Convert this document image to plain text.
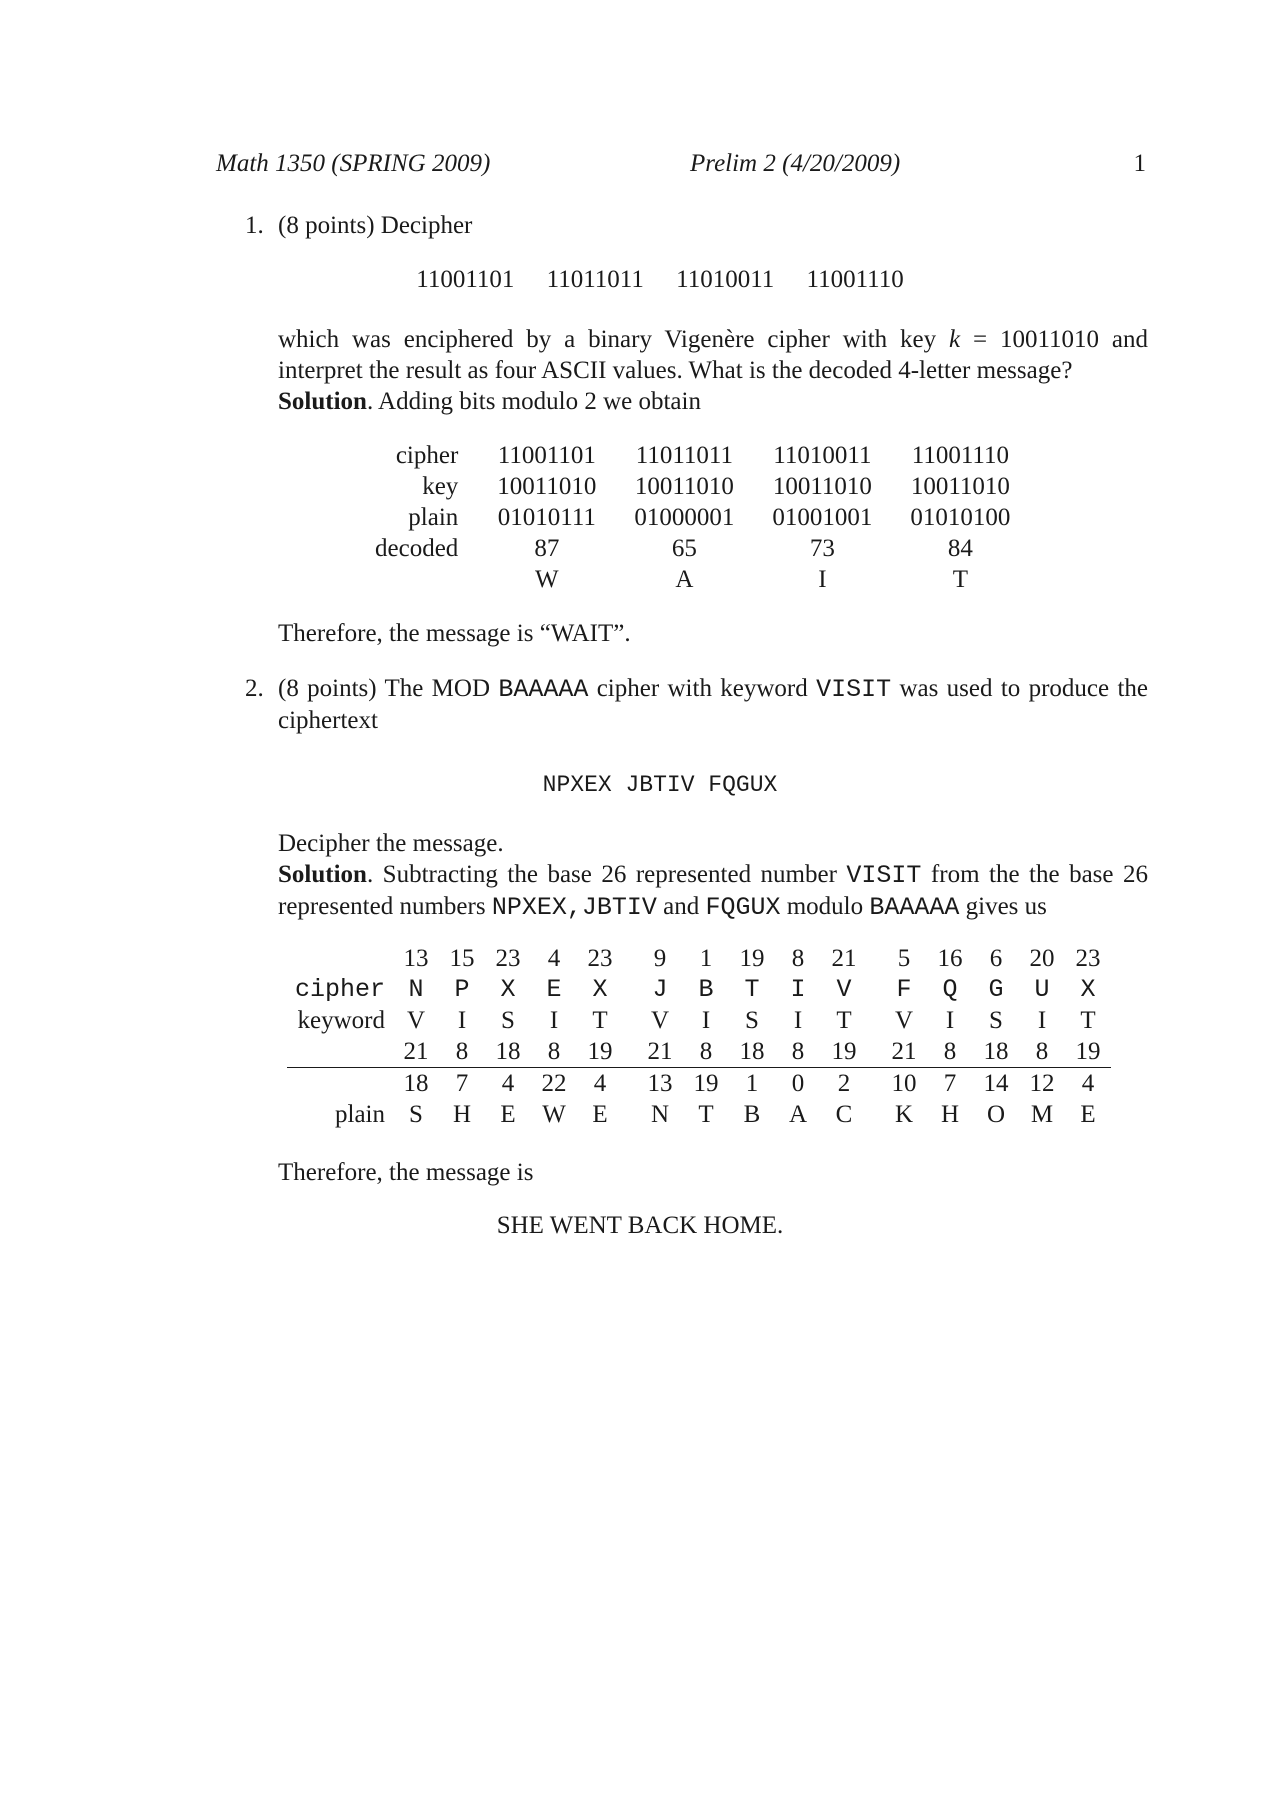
Math 1350 (SPRING 2009)	Prelim 2 (4/20/2009)	1
1. (8 points) Decipher
11001101 11011011 11010011 11001110
which was enciphered by a binary Vigenère cipher with key k = 10011010 and interpret the result as four ASCII values. What is the decoded 4-letter message?
Solution. Adding bits modulo 2 we obtain
cipher	11001101	11011011	11010011	11001110
key	10011010	10011010	10011010	10011010
plain	01010111	01000001	01001001	01010100
decoded	87	65	73	84
	W	A	I	T
Therefore, the message is “WAIT”.
2. (8 points) The MOD BAAAAA cipher with keyword VISIT was used to produce the ciphertext
NPXEX JBTIV FQGUX
Decipher the message.
Solution. Subtracting the base 26 represented number VISIT from the the base 26 represented numbers NPXEX,JBTIV and FQGUX modulo BAAAAA gives us
	13	15	23	4	23		9	1	19	8	21		5	16	6	20	23
cipher	N	P	X	E	X		J	B	T	I	V		F	Q	G	U	X
keyword	V	I	S	I	T		V	I	S	I	T		V	I	S	I	T
	21	8	18	8	19		21	8	18	8	19		21	8	18	8	19
	18	7	4	22	4		13	19	1	0	2		10	7	14	12	4
plain	S	H	E	W	E		N	T	B	A	C		K	H	O	M	E
Therefore, the message is
SHE WENT BACK HOME.
